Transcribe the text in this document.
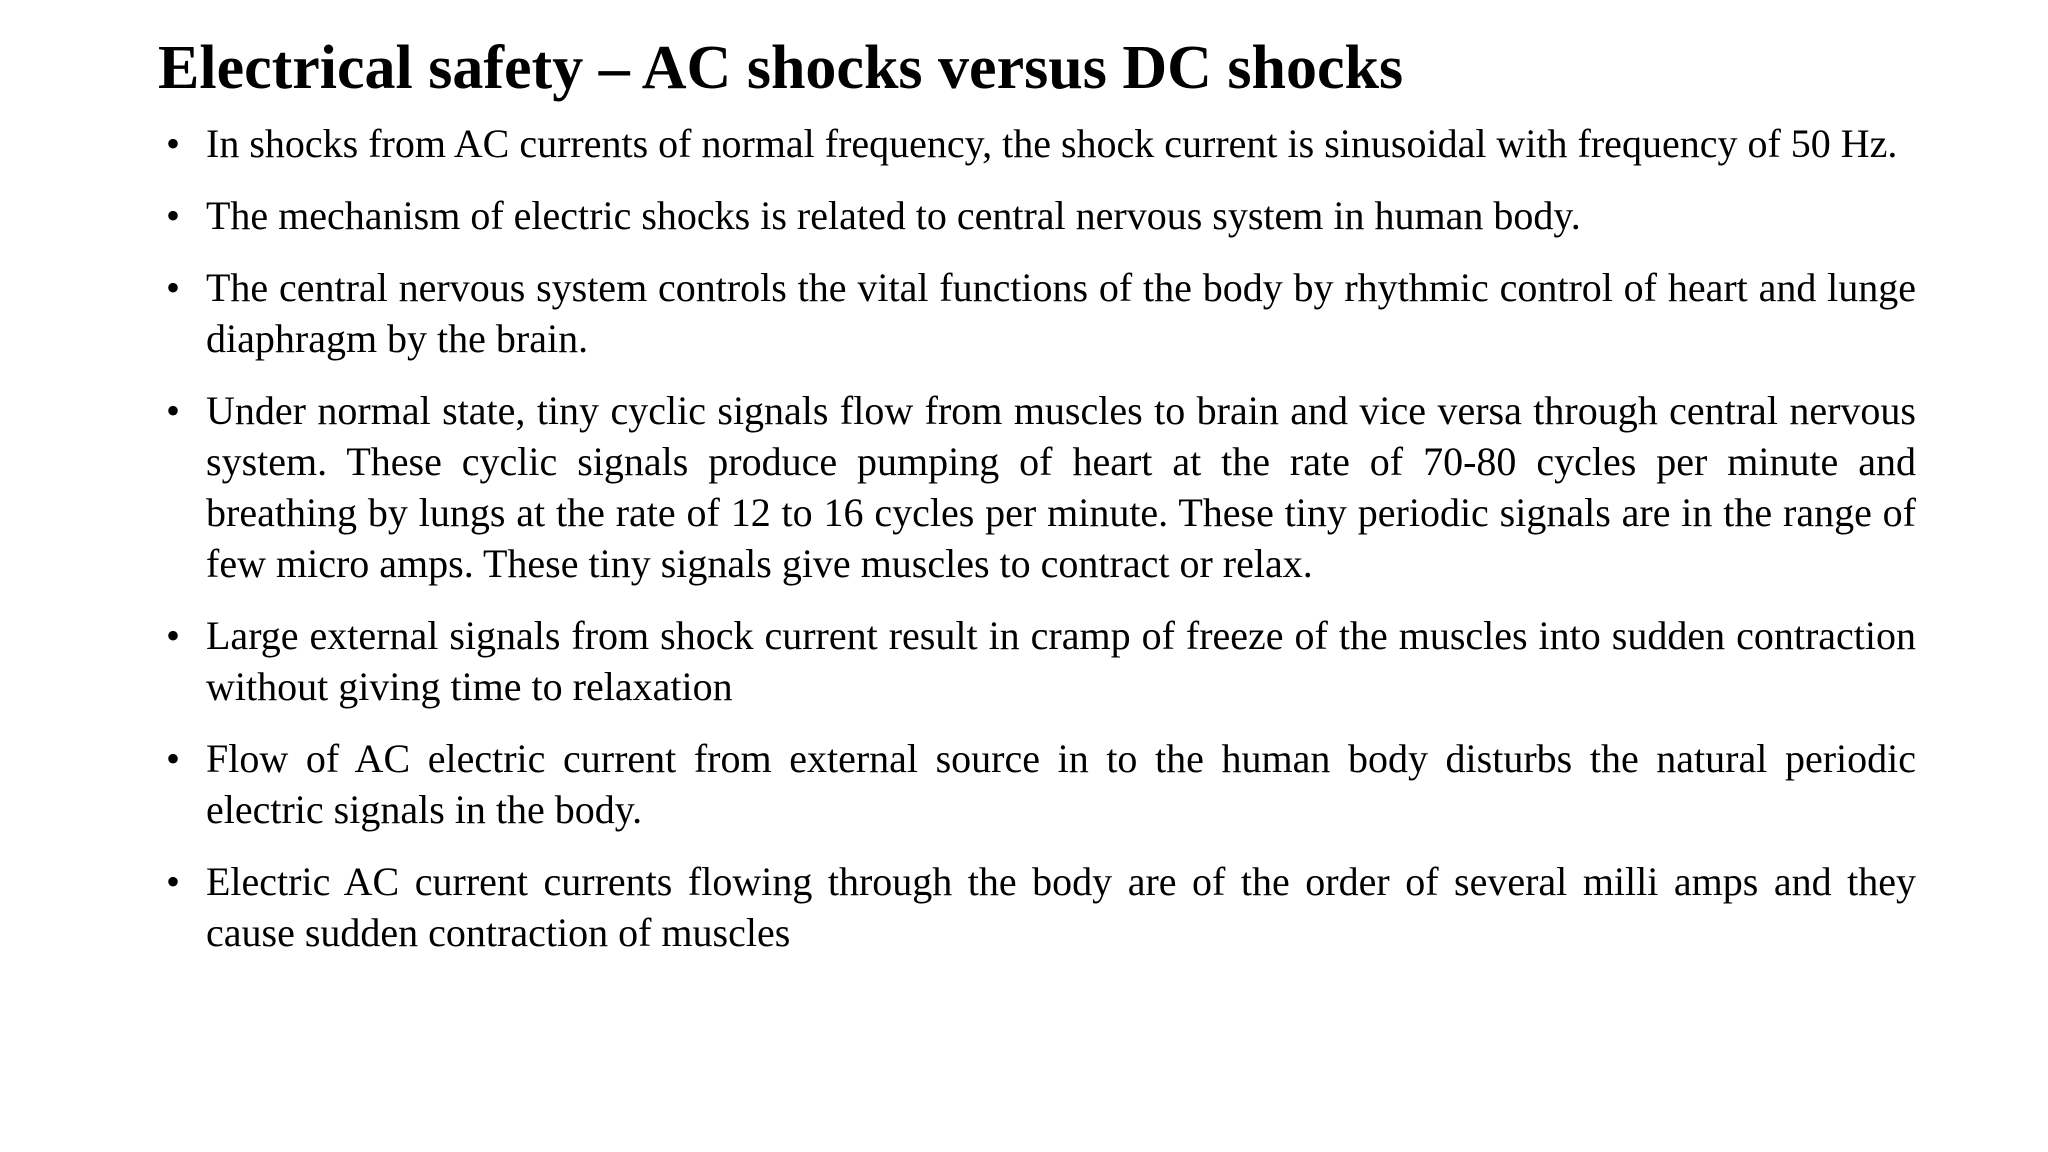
Electrical safety – AC shocks versus DC shocks
• In shocks from AC currents of normal frequency, the shock current is sinusoidal with frequency of 50 Hz.
• The mechanism of electric shocks is related to central nervous system in human body.
• The central nervous system controls the vital functions of the body by rhythmic control of heart and lunge diaphragm by the brain.
• Under normal state, tiny cyclic signals flow from muscles to brain and vice versa through central nervous system. These cyclic signals produce pumping of heart at the rate of 70-80 cycles per minute and breathing by lungs at the rate of 12 to 16 cycles per minute. These tiny periodic signals are in the range of few micro amps. These tiny signals give muscles to contract or relax.
• Large external signals from shock current result in cramp of freeze of the muscles into sudden contraction without giving time to relaxation
• Flow of AC electric current from external source in to the human body disturbs the natural periodic electric signals in the body.
• Electric AC current currents flowing through the body are of the order of several milli amps and they cause sudden contraction of muscles
